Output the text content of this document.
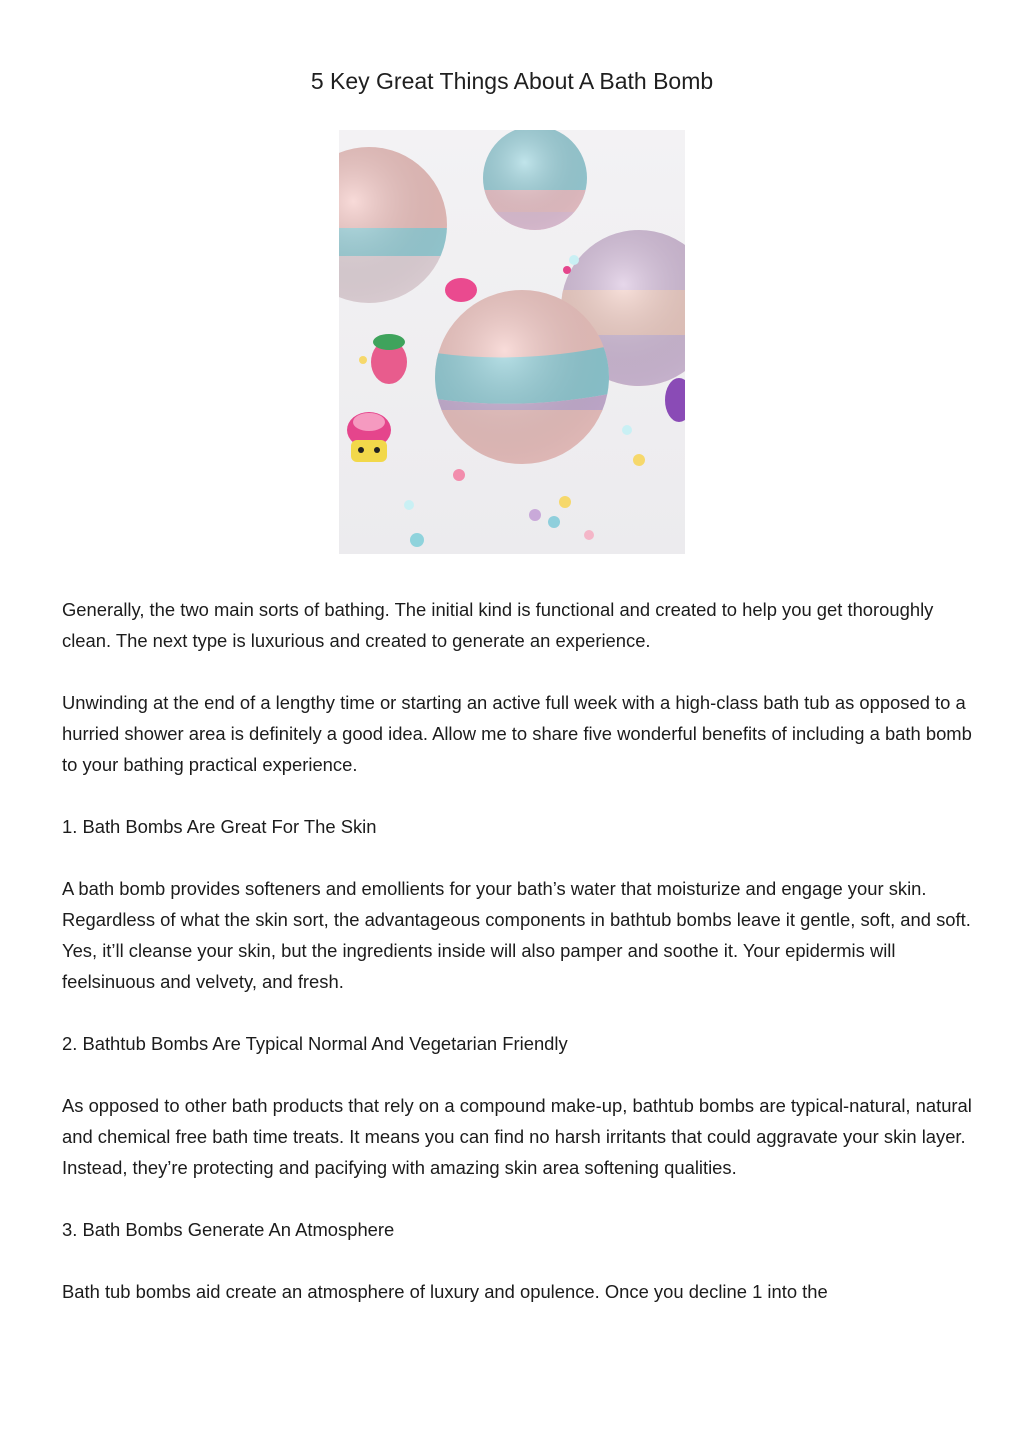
5 Key Great Things About A Bath Bomb

Generally, the two main sorts of bathing. The initial kind is functional and created to help you get thoroughly clean. The next type is luxurious and created to generate an experience.

Unwinding at the end of a lengthy time or starting an active full week with a high-class bath tub as opposed to a hurried shower area is definitely a good idea. Allow me to share five wonderful benefits of including a bath bomb to your bathing practical experience.

1. Bath Bombs Are Great For The Skin

A bath bomb provides softeners and emollients for your bath’s water that moisturize and engage your skin. Regardless of what the skin sort, the advantageous components in bathtub bombs leave it gentle, soft, and soft. Yes, it’ll cleanse your skin, but the ingredients inside will also pamper and soothe it. Your epidermis will feelsinuous and velvety, and fresh.

2. Bathtub Bombs Are Typical Normal And Vegetarian Friendly

As opposed to other bath products that rely on a compound make-up, bathtub bombs are typical-natural, natural and chemical free bath time treats. It means you can find no harsh irritants that could aggravate your skin layer. Instead, they’re protecting and pacifying with amazing skin area softening qualities.

3. Bath Bombs Generate An Atmosphere

Bath tub bombs aid create an atmosphere of luxury and opulence. Once you decline 1 into the
